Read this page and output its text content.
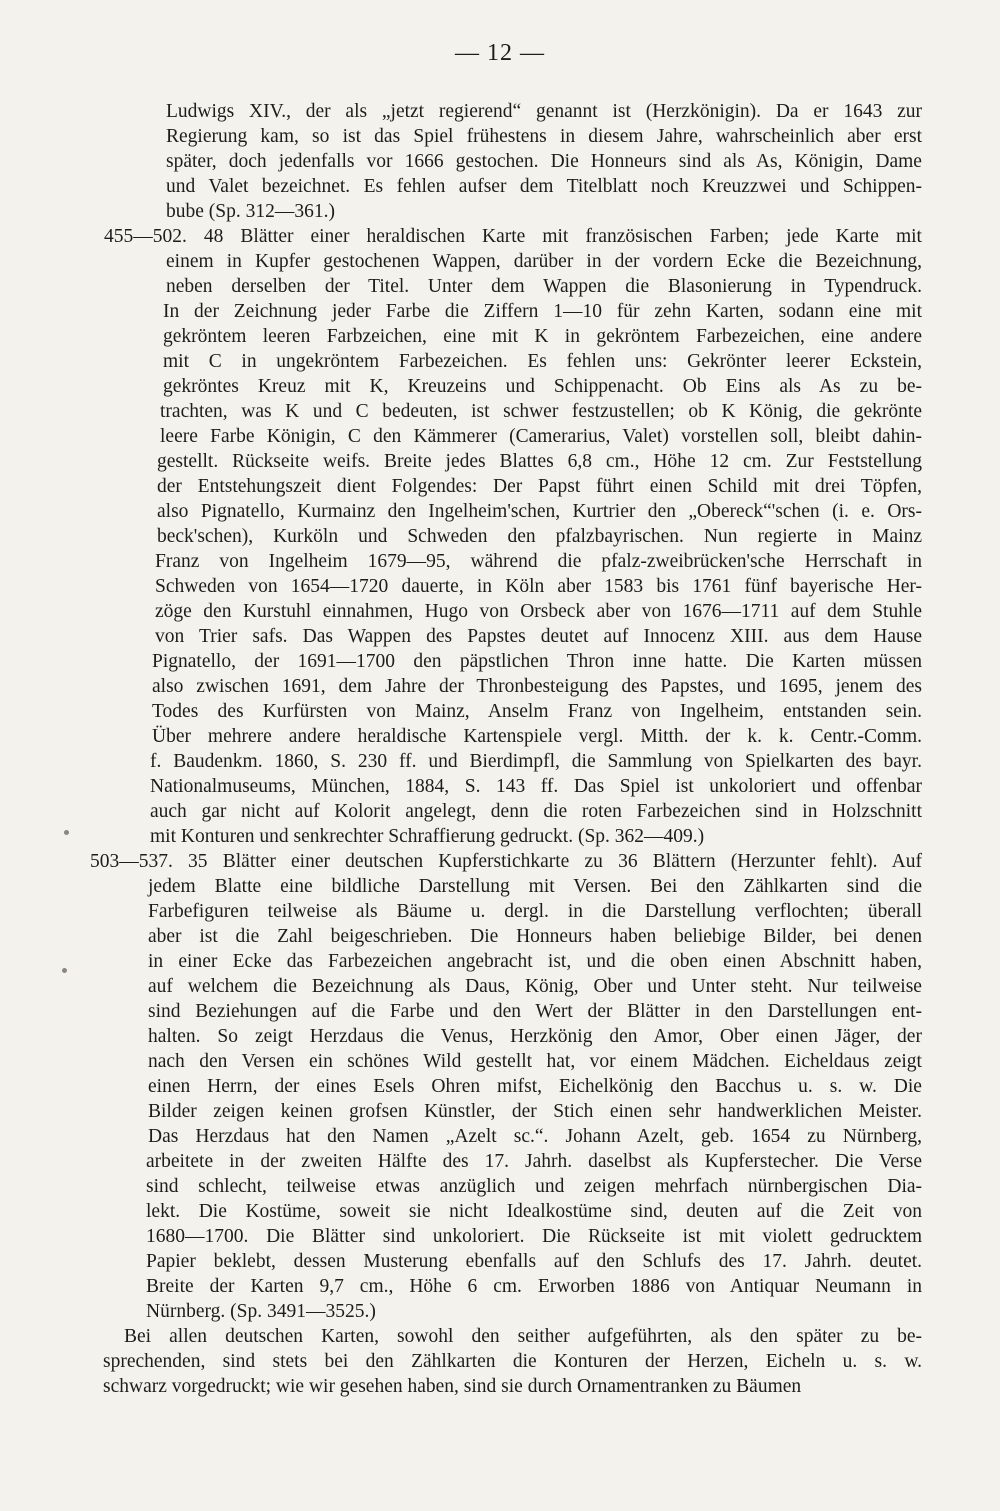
— 12 —
Ludwigs XIV., der als „jetzt regierend“ genannt ist (Herzkönigin). Da er 1643 zur
Regierung kam, so ist das Spiel frühestens in diesem Jahre, wahrscheinlich aber erst
später, doch jedenfalls vor 1666 gestochen. Die Honneurs sind als As, Königin, Dame
und Valet bezeichnet. Es fehlen aufser dem Titelblatt noch Kreuzzwei und Schippen-
bube (Sp. 312—361.)
455—502. 48 Blätter einer heraldischen Karte mit französischen Farben; jede Karte mit
einem in Kupfer gestochenen Wappen, darüber in der vordern Ecke die Bezeichnung,
neben derselben der Titel. Unter dem Wappen die Blasonierung in Typendruck.
In der Zeichnung jeder Farbe die Ziffern 1—10 für zehn Karten, sodann eine mit
gekröntem leeren Farbzeichen, eine mit K in gekröntem Farbezeichen, eine andere
mit C in ungekröntem Farbezeichen. Es fehlen uns: Gekrönter leerer Eckstein,
gekröntes Kreuz mit K, Kreuzeins und Schippenacht. Ob Eins als As zu be-
trachten, was K und C bedeuten, ist schwer festzustellen; ob K König, die gekrönte
leere Farbe Königin, C den Kämmerer (Camerarius, Valet) vorstellen soll, bleibt dahin-
gestellt. Rückseite weifs. Breite jedes Blattes 6,8 cm., Höhe 12 cm. Zur Feststellung
der Entstehungszeit dient Folgendes: Der Papst führt einen Schild mit drei Töpfen,
also Pignatello, Kurmainz den Ingelheim'schen, Kurtrier den „Obereck“'schen (i. e. Ors-
beck'schen), Kurköln und Schweden den pfalzbayrischen. Nun regierte in Mainz
Franz von Ingelheim 1679—95, während die pfalz-zweibrücken'sche Herrschaft in
Schweden von 1654—1720 dauerte, in Köln aber 1583 bis 1761 fünf bayerische Her-
zöge den Kurstuhl einnahmen, Hugo von Orsbeck aber von 1676—1711 auf dem Stuhle
von Trier safs. Das Wappen des Papstes deutet auf Innocenz XIII. aus dem Hause
Pignatello, der 1691—1700 den päpstlichen Thron inne hatte. Die Karten müssen
also zwischen 1691, dem Jahre der Thronbesteigung des Papstes, und 1695, jenem des
Todes des Kurfürsten von Mainz, Anselm Franz von Ingelheim, entstanden sein.
Über mehrere andere heraldische Kartenspiele vergl. Mitth. der k. k. Centr.-Comm.
f. Baudenkm. 1860, S. 230 ff. und Bierdimpfl, die Sammlung von Spielkarten des bayr.
Nationalmuseums, München, 1884, S. 143 ff. Das Spiel ist unkoloriert und offenbar
auch gar nicht auf Kolorit angelegt, denn die roten Farbezeichen sind in Holzschnitt
mit Konturen und senkrechter Schraffierung gedruckt. (Sp. 362—409.)
503—537. 35 Blätter einer deutschen Kupferstichkarte zu 36 Blättern (Herzunter fehlt). Auf
jedem Blatte eine bildliche Darstellung mit Versen. Bei den Zählkarten sind die
Farbefiguren teilweise als Bäume u. dergl. in die Darstellung verflochten; überall
aber ist die Zahl beigeschrieben. Die Honneurs haben beliebige Bilder, bei denen
in einer Ecke das Farbezeichen angebracht ist, und die oben einen Abschnitt haben,
auf welchem die Bezeichnung als Daus, König, Ober und Unter steht. Nur teilweise
sind Beziehungen auf die Farbe und den Wert der Blätter in den Darstellungen ent-
halten. So zeigt Herzdaus die Venus, Herzkönig den Amor, Ober einen Jäger, der
nach den Versen ein schönes Wild gestellt hat, vor einem Mädchen. Eicheldaus zeigt
einen Herrn, der eines Esels Ohren mifst, Eichelkönig den Bacchus u. s. w. Die
Bilder zeigen keinen grofsen Künstler, der Stich einen sehr handwerklichen Meister.
Das Herzdaus hat den Namen „Azelt sc.“. Johann Azelt, geb. 1654 zu Nürnberg,
arbeitete in der zweiten Hälfte des 17. Jahrh. daselbst als Kupferstecher. Die Verse
sind schlecht, teilweise etwas anzüglich und zeigen mehrfach nürnbergischen Dia-
lekt. Die Kostüme, soweit sie nicht Idealkostüme sind, deuten auf die Zeit von
1680—1700. Die Blätter sind unkoloriert. Die Rückseite ist mit violett gedrucktem
Papier beklebt, dessen Musterung ebenfalls auf den Schlufs des 17. Jahrh. deutet.
Breite der Karten 9,7 cm., Höhe 6 cm. Erworben 1886 von Antiquar Neumann in
Nürnberg. (Sp. 3491—3525.)
Bei allen deutschen Karten, sowohl den seither aufgeführten, als den später zu be-
sprechenden, sind stets bei den Zählkarten die Konturen der Herzen, Eicheln u. s. w.
schwarz vorgedruckt; wie wir gesehen haben, sind sie durch Ornamentranken zu Bäumen
